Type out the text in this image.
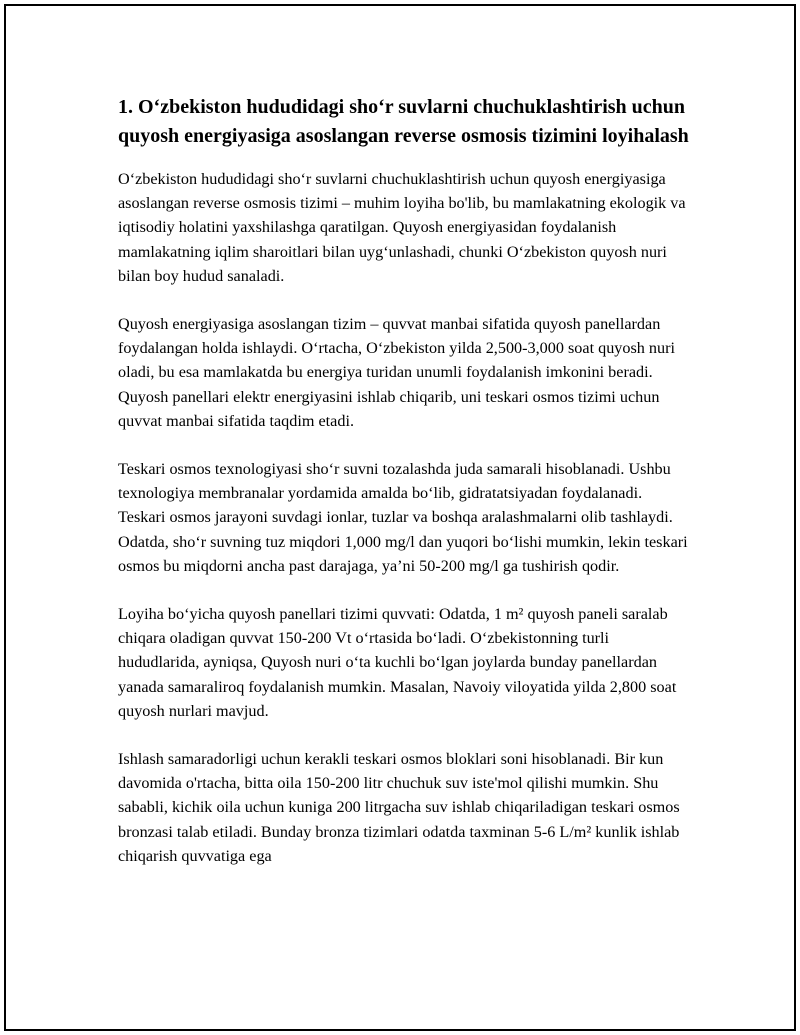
1. O‘zbekiston hududidagi sho‘r suvlarni chuchuklashtirish uchun quyosh energiyasiga asoslangan reverse osmosis tizimini loyihalash

O‘zbekiston hududidagi sho‘r suvlarni chuchuklashtirish uchun quyosh energiyasiga asoslangan reverse osmosis tizimi – muhim loyiha bo'lib, bu mamlakatning ekologik va iqtisodiy holatini yaxshilashga qaratilgan. Quyosh energiyasidan foydalanish mamlakatning iqlim sharoitlari bilan uyg‘unlashadi, chunki O‘zbekiston quyosh nuri bilan boy hudud sanaladi.

Quyosh energiyasiga asoslangan tizim – quvvat manbai sifatida quyosh panellardan foydalangan holda ishlaydi. O‘rtacha, O‘zbekiston yilda 2,500-3,000 soat quyosh nuri oladi, bu esa mamlakatda bu energiya turidan unumli foydalanish imkonini beradi. Quyosh panellari elektr energiyasini ishlab chiqarib, uni teskari osmos tizimi uchun quvvat manbai sifatida taqdim etadi.

Teskari osmos texnologiyasi sho‘r suvni tozalashda juda samarali hisoblanadi. Ushbu texnologiya membranalar yordamida amalda bo‘lib, gidratatsiyadan foydalanadi. Teskari osmos jarayoni suvdagi ionlar, tuzlar va boshqa aralashmalarni olib tashlaydi. Odatda, sho‘r suvning tuz miqdori 1,000 mg/l dan yuqori bo‘lishi mumkin, lekin teskari osmos bu miqdorni ancha past darajaga, ya’ni 50-200 mg/l ga tushirish qodir.

Loyiha bo‘yicha quyosh panellari tizimi quvvati: Odatda, 1 m² quyosh paneli saralab chiqara oladigan quvvat 150-200 Vt o‘rtasida bo‘ladi. O‘zbekistonning turli hududlarida, ayniqsa, Quyosh nuri o‘ta kuchli bo‘lgan joylarda bunday panellardan yanada samaraliroq foydalanish mumkin. Masalan, Navoiy viloyatida yilda 2,800 soat quyosh nurlari mavjud.

Ishlash samaradorligi uchun kerakli teskari osmos bloklari soni hisoblanadi. Bir kun davomida o'rtacha, bitta oila 150-200 litr chuchuk suv iste'mol qilishi mumkin. Shu sababli, kichik oila uchun kuniga 200 litrgacha suv ishlab chiqariladigan teskari osmos bronzasi talab etiladi. Bunday bronza tizimlari odatda taxminan 5-6 L/m² kunlik ishlab chiqarish quvvatiga ega
